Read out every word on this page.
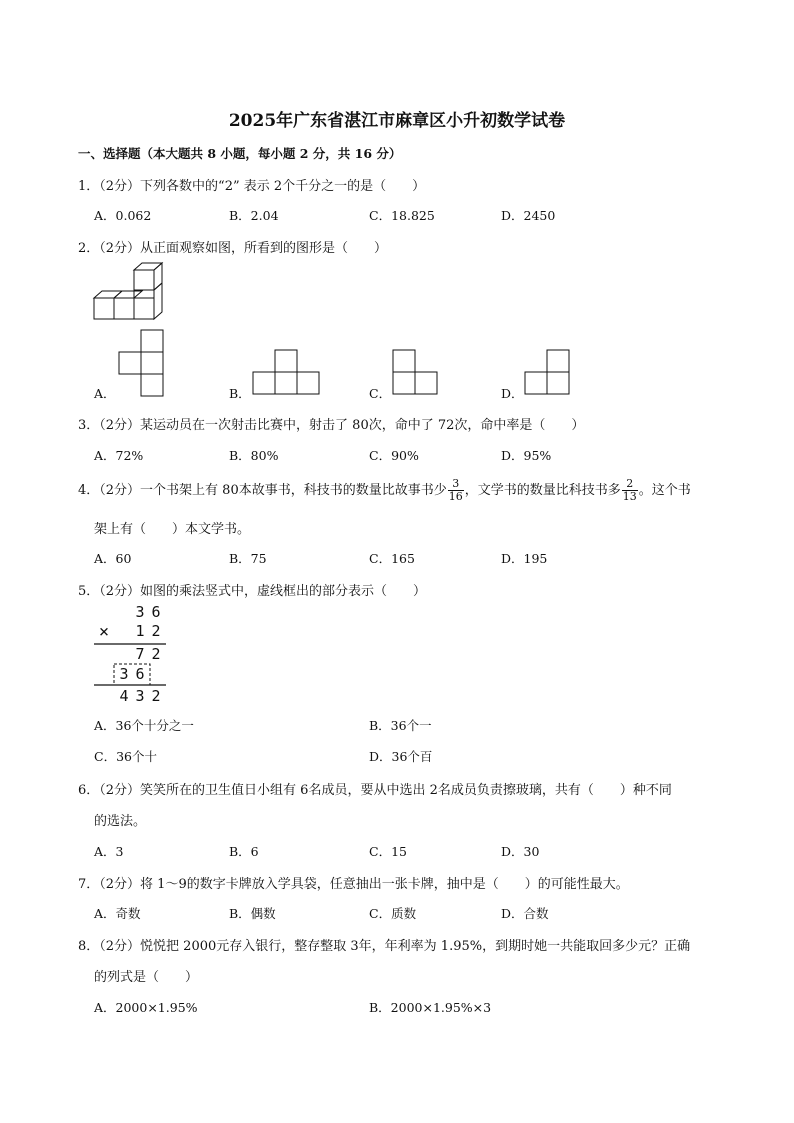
2025年广东省湛江市麻章区小升初数学试卷
一、选择题（本大题共 8 小题，每小题 2 分，共 16 分）
1．（2分）下列各数中的“2” 表示 2个千分之一的是（　　）
A．0.062	B．2.04	C．18.825	D．2450
2．（2分）从正面观察如图，所看到的图形是（　　）
A．	B．	C．	D．
3．（2分）某运动员在一次射击比赛中，射击了 80次，命中了 72次，命中率是（　　）
A．72%	B．80%	C．90%	D．95%
4．（2分）一个书架上有 80本故事书，科技书的数量比故事书少 $\frac{3}{16}$ ，文学书的数量比科技书多 $\frac{2}{13}$ 。这个书
架上有（　　）本文学书。
A．60	B．75	C．165	D．195
5．（2分）如图的乘法竖式中，虚线框出的部分表示（　　）
3 6
× 1 2
7 2
3 6
4 3 2
A．36个十分之一	B．36个一
C．36个十	D．36个百
6．（2分）笑笑所在的卫生值日小组有 6名成员，要从中选出 2名成员负责擦玻璃，共有（　　）种不同
的选法。
A．3	B．6	C．15	D．30
7．（2分）将 1～9的数字卡牌放入学具袋，任意抽出一张卡牌，抽中是（　　）的可能性最大。
A．奇数	B．偶数	C．质数	D．合数
8．（2分）悦悦把 2000元存入银行，整存整取 3年，年利率为 1.95%，到期时她一共能取回多少元？正确
的列式是（　　）
A．2000×1.95%	B．2000×1.95%×3
